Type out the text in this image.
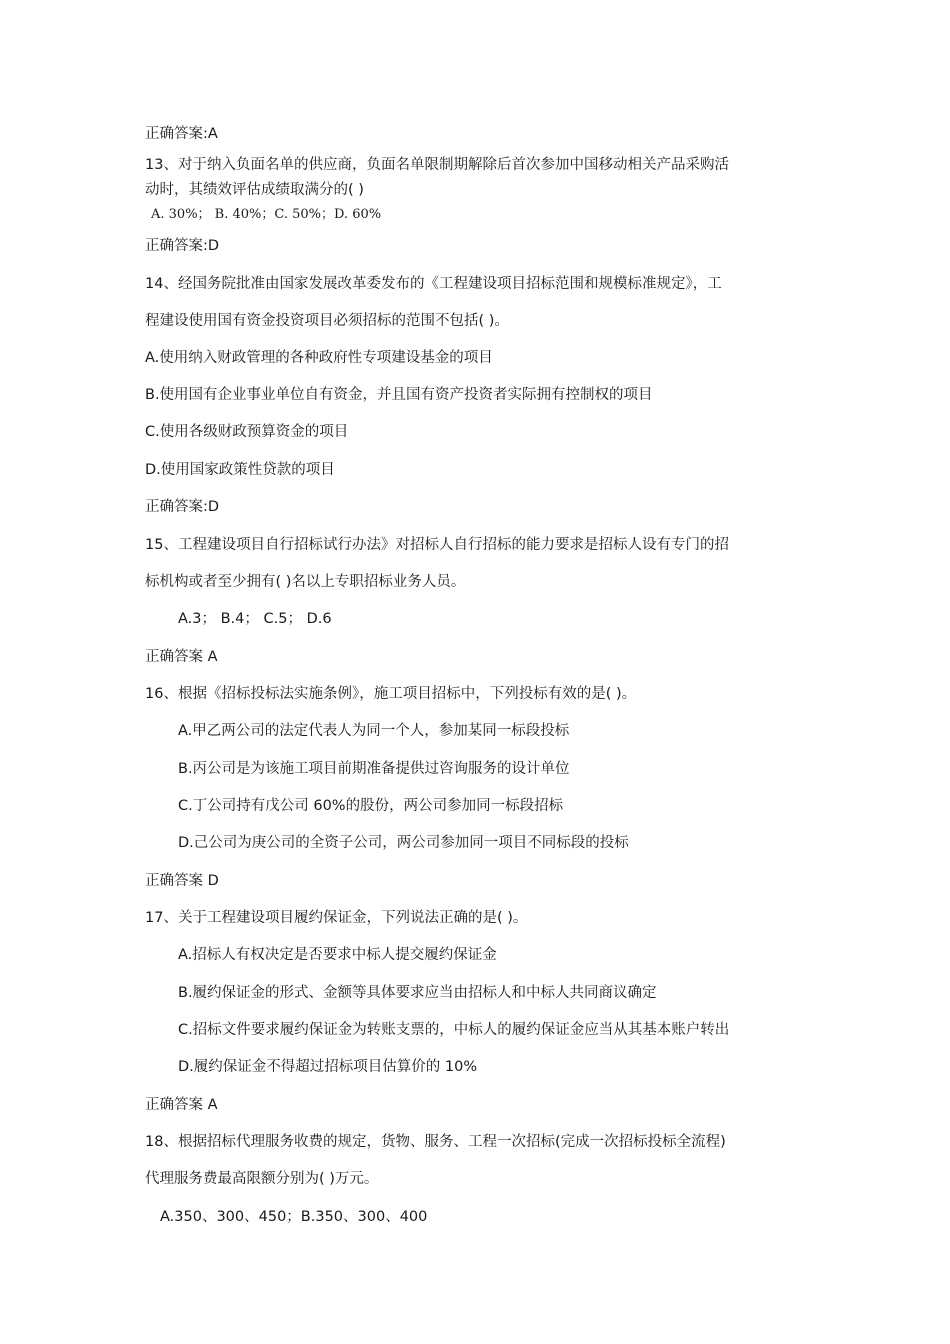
正确答案:A
13、对于纳入负面名单的供应商，负面名单限制期解除后首次参加中国移动相关产品采购活
动时，其绩效评估成绩取满分的( )
A. 30%； B. 40%；C. 50%；D. 60%
正确答案:D
14、经国务院批准由国家发展改革委发布的《工程建设项目招标范围和规模标准规定》，工
程建设使用国有资金投资项目必须招标的范围不包括( )。
A.使用纳入财政管理的各种政府性专项建设基金的项目
B.使用国有企业事业单位自有资金，并且国有资产投资者实际拥有控制权的项目
C.使用各级财政预算资金的项目
D.使用国家政策性贷款的项目
正确答案:D
15、工程建设项目自行招标试行办法》对招标人自行招标的能力要求是招标人设有专门的招
标机构或者至少拥有( )名以上专职招标业务人员。
A.3； B.4； C.5； D.6
正确答案 A
16、根据《招标投标法实施条例》，施工项目招标中，下列投标有效的是( )。
A.甲乙两公司的法定代表人为同一个人，参加某同一标段投标
B.丙公司是为该施工项目前期准备提供过咨询服务的设计单位
C.丁公司持有戊公司 60%的股份，两公司参加同一标段招标
D.己公司为庚公司的全资子公司，两公司参加同一项目不同标段的投标
正确答案 D
17、关于工程建设项目履约保证金，下列说法正确的是( )。
A.招标人有权决定是否要求中标人提交履约保证金
B.履约保证金的形式、金额等具体要求应当由招标人和中标人共同商议确定
C.招标文件要求履约保证金为转账支票的，中标人的履约保证金应当从其基本账户转出
D.履约保证金不得超过招标项目估算价的 10%
正确答案 A
18、根据招标代理服务收费的规定，货物、服务、工程一次招标(完成一次招标投标全流程)
代理服务费最高限额分别为( )万元。
A.350、300、450；B.350、300、400
